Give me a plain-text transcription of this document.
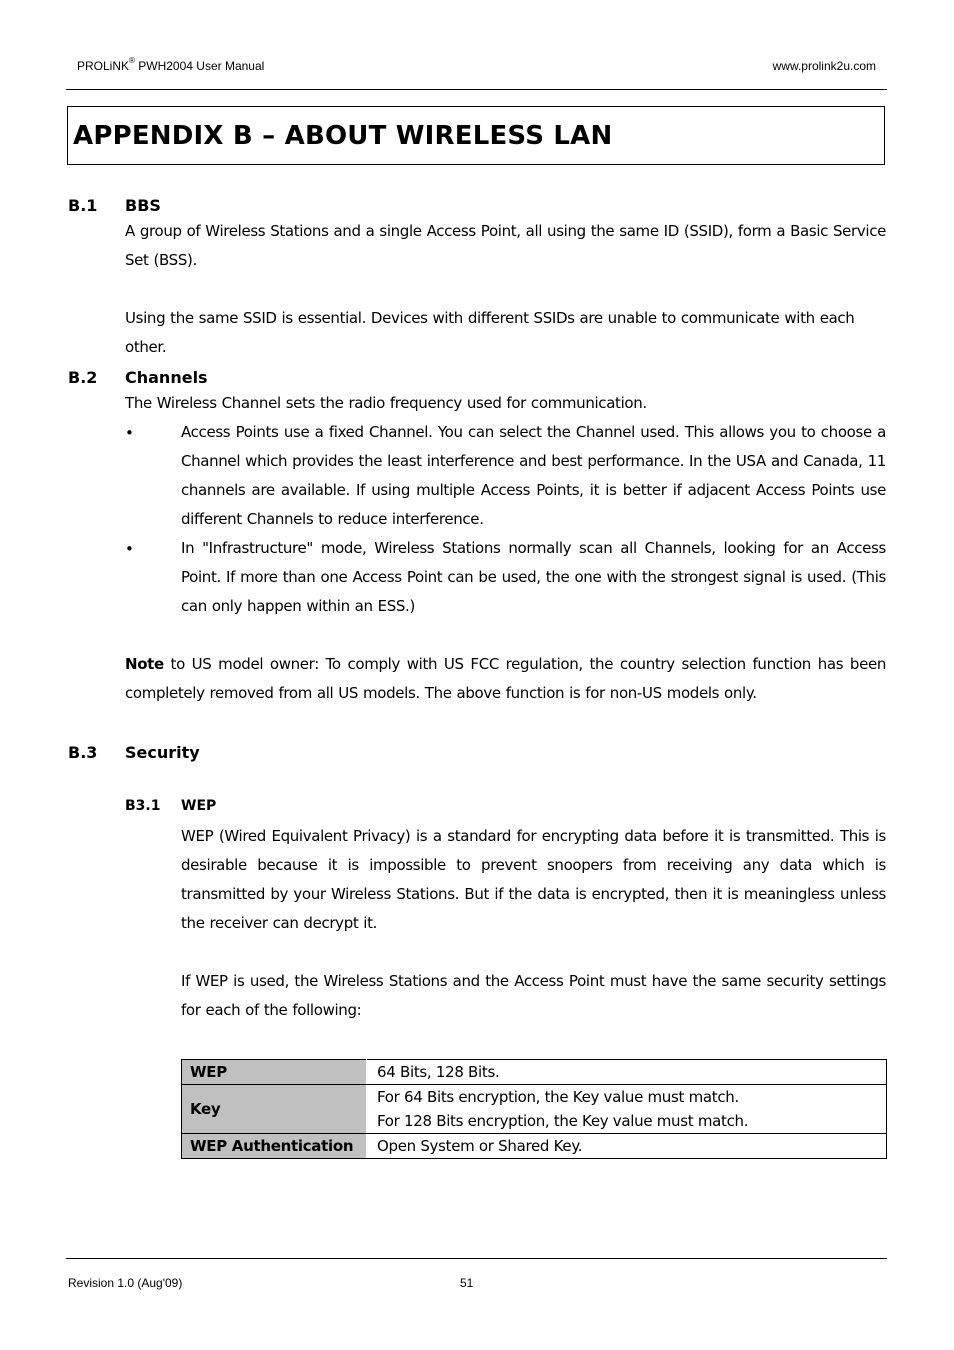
PROLiNK® PWH2004 User Manual	www.prolink2u.com
APPENDIX B – ABOUT WIRELESS LAN
B.1 BBS
A group of Wireless Stations and a single Access Point, all using the same ID (SSID), form a Basic Service Set (BSS).
Using the same SSID is essential. Devices with different SSIDs are unable to communicate with each other.
B.2 Channels
The Wireless Channel sets the radio frequency used for communication.
•	Access Points use a fixed Channel. You can select the Channel used. This allows you to choose a Channel which provides the least interference and best performance. In the USA and Canada, 11 channels are available. If using multiple Access Points, it is better if adjacent Access Points use different Channels to reduce interference.
•	In "Infrastructure" mode, Wireless Stations normally scan all Channels, looking for an Access Point. If more than one Access Point can be used, the one with the strongest signal is used. (This can only happen within an ESS.)
Note to US model owner: To comply with US FCC regulation, the country selection function has been completely removed from all US models. The above function is for non-US models only.
B.3 Security
B3.1 WEP
WEP (Wired Equivalent Privacy) is a standard for encrypting data before it is transmitted. This is desirable because it is impossible to prevent snoopers from receiving any data which is transmitted by your Wireless Stations. But if the data is encrypted, then it is meaningless unless the receiver can decrypt it.
If WEP is used, the Wireless Stations and the Access Point must have the same security settings for each of the following:
WEP	64 Bits, 128 Bits.

Key	For 64 Bits encryption, the Key value must match.
For 128 Bits encryption, the Key value must match.

WEP Authentication	Open System or Shared Key.
Revision 1.0 (Aug'09)	51
